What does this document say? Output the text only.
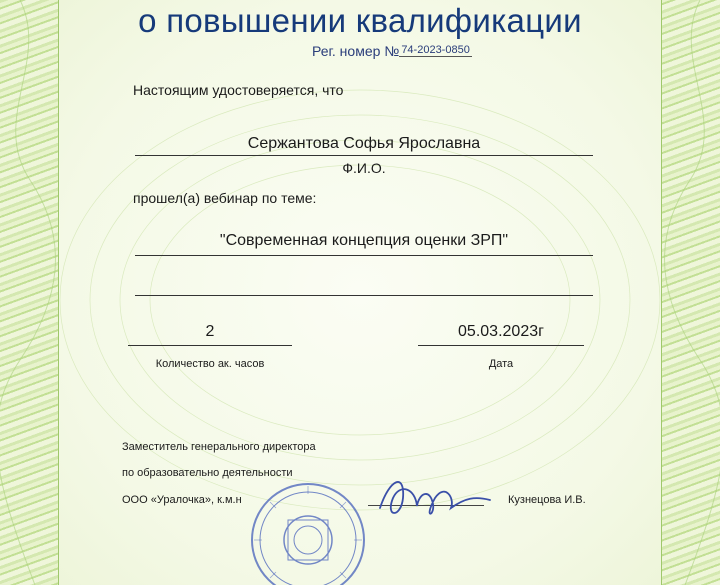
о повышении квалификации
Рег. номер № $^{74-2023-0850}$
Настоящим удостоверяется, что
Сержантова Софья Ярославна
Ф.И.О.
прошел(а) вебинар по теме:
"Современная концепция оценки ЗРП"
2
Количество ак. часов
05.03.2023г
Дата
Заместитель генерального директора
по образовательно деятельности
ООО «Уралочка», к.м.н	Кузнецова И.В.
